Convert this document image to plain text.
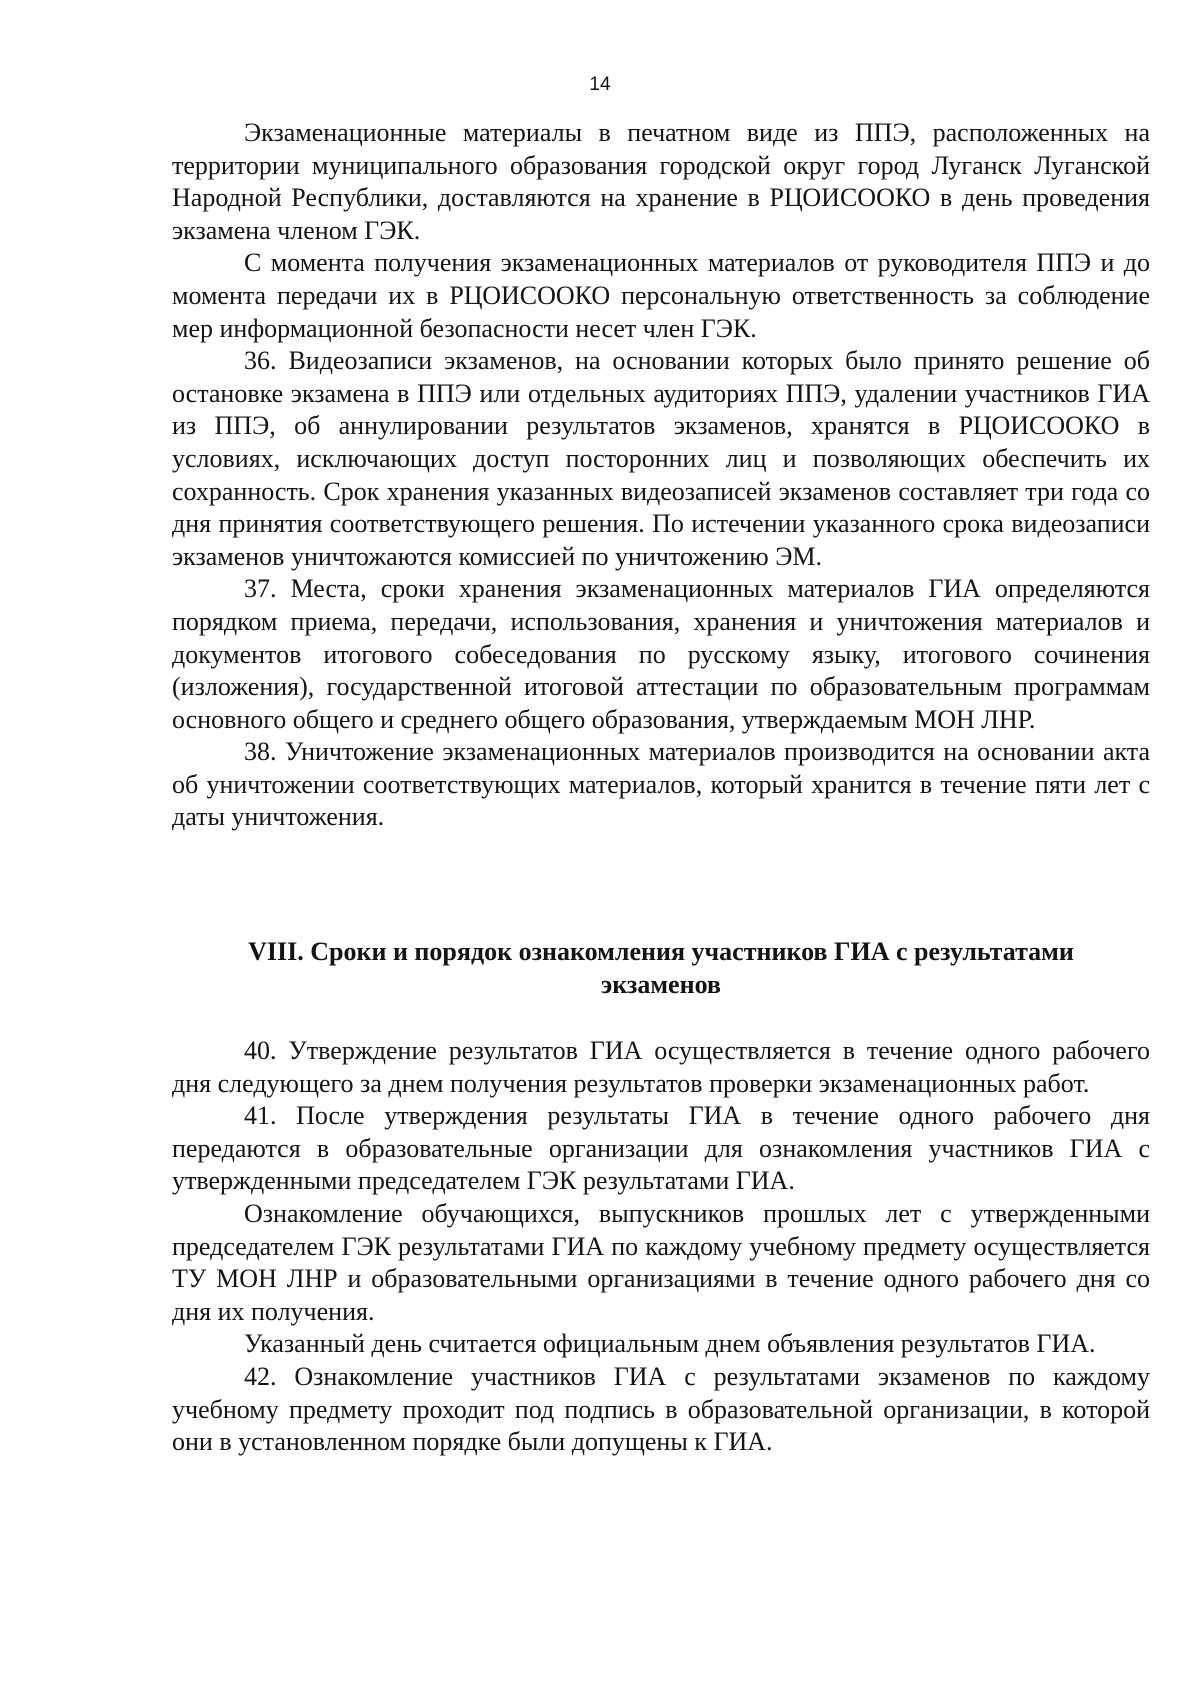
14

Экзаменационные материалы в печатном виде из ППЭ, расположенных на территории муниципального образования городской округ город Луганск Луганской Народной Республики, доставляются на хранение в РЦОИСООКО в день проведения экзамена членом ГЭК.

С момента получения экзаменационных материалов от руководителя ППЭ и до момента передачи их в РЦОИСООКО персональную ответственность за соблюдение мер информационной безопасности несет член ГЭК.

36. Видеозаписи экзаменов, на основании которых было принято решение об остановке экзамена в ППЭ или отдельных аудиториях ППЭ, удалении участников ГИА из ППЭ, об аннулировании результатов экзаменов, хранятся в РЦОИСООКО в условиях, исключающих доступ посторонних лиц и позволяющих обеспечить их сохранность. Срок хранения указанных видеозаписей экзаменов составляет три года со дня принятия соответствующего решения. По истечении указанного срока видеозаписи экзаменов уничтожаются комиссией по уничтожению ЭМ.

37. Места, сроки хранения экзаменационных материалов ГИА определяются порядком приема, передачи, использования, хранения и уничтожения материалов и документов итогового собеседования по русскому языку, итогового сочинения (изложения), государственной итоговой аттестации по образовательным программам основного общего и среднего общего образования, утверждаемым МОН ЛНР.

38. Уничтожение экзаменационных материалов производится на основании акта об уничтожении соответствующих материалов, который хранится в течение пяти лет с даты уничтожения.

VIII. Сроки и порядок ознакомления участников ГИА с результатами
экзаменов

40. Утверждение результатов ГИА осуществляется в течение одного рабочего дня следующего за днем получения результатов проверки экзаменационных работ.

41. После утверждения результаты ГИА в течение одного рабочего дня передаются в образовательные организации для ознакомления участников ГИА с утвержденными председателем ГЭК результатами ГИА.

Ознакомление обучающихся, выпускников прошлых лет с утвержденными председателем ГЭК результатами ГИА по каждому учебному предмету осуществляется ТУ МОН ЛНР и образовательными организациями в течение одного рабочего дня со дня их получения.

Указанный день считается официальным днем объявления результатов ГИА.

42. Ознакомление участников ГИА с результатами экзаменов по каждому учебному предмету проходит под подпись в образовательной организации, в которой они в установленном порядке были допущены к ГИА.
